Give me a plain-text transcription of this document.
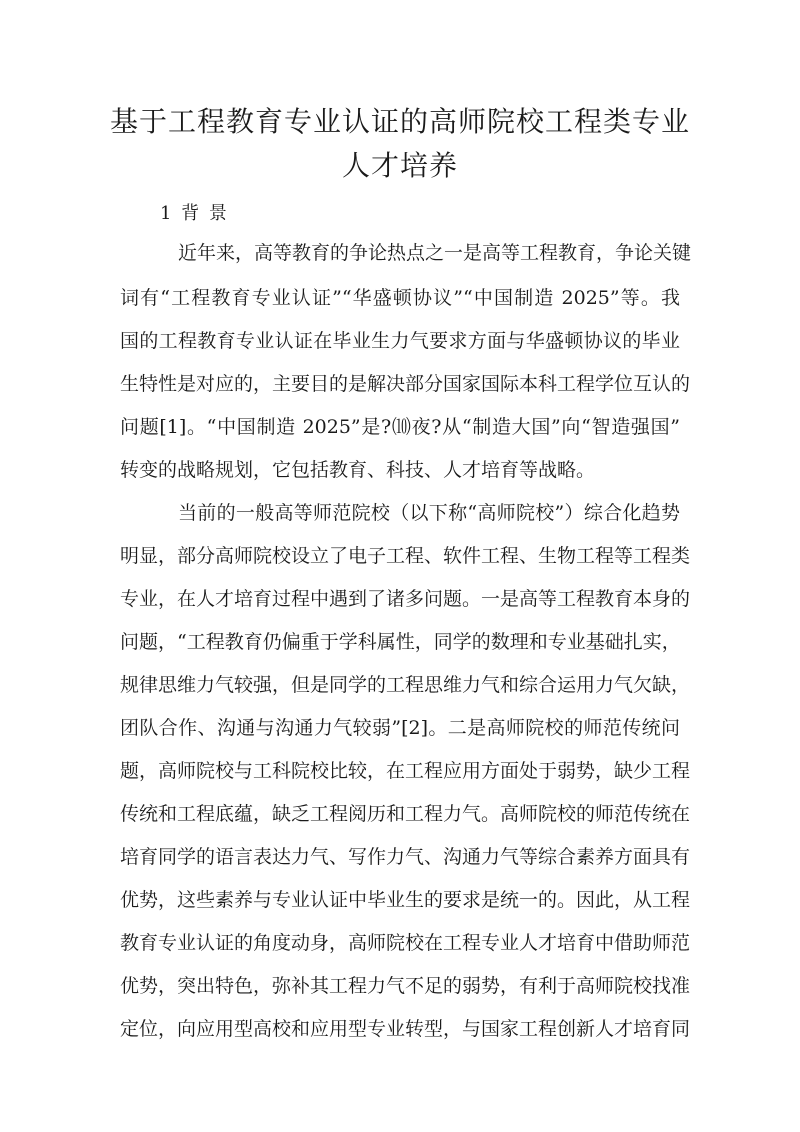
基于工程教育专业认证的高师院校工程类专业
人才培养
1 背 景

近年来，高等教育的争论热点之一是高等工程教育，争论关键

词有“工程教育专业认证”“华盛顿协议”“中国制造 2025”等。我

国的工程教育专业认证在毕业生力气要求方面与华盛顿协议的毕业

生特性是对应的，主要目的是解决部分国家国际本科工程学位互认的

问题[1]。“中国制造 2025”是?⑽夜?从“制造大国”向“智造强国”

转变的战略规划，它包括教育、科技、人才培育等战略。

当前的一般高等师范院校（以下称“高师院校”）综合化趋势

明显，部分高师院校设立了电子工程、软件工程、生物工程等工程类

专业，在人才培育过程中遇到了诸多问题。一是高等工程教育本身的

问题，“工程教育仍偏重于学科属性，同学的数理和专业基础扎实，

规律思维力气较强，但是同学的工程思维力气和综合运用力气欠缺，

团队合作、沟通与沟通力气较弱”[2]。二是高师院校的师范传统问

题，高师院校与工科院校比较，在工程应用方面处于弱势，缺少工程

传统和工程底蕴，缺乏工程阅历和工程力气。高师院校的师范传统在

培育同学的语言表达力气、写作力气、沟通力气等综合素养方面具有

优势，这些素养与专业认证中毕业生的要求是统一的。因此，从工程

教育专业认证的角度动身，高师院校在工程专业人才培育中借助师范

优势，突出特色，弥补其工程力气不足的弱势，有利于高师院校找准

定位，向应用型高校和应用型专业转型，与国家工程创新人才培育同
